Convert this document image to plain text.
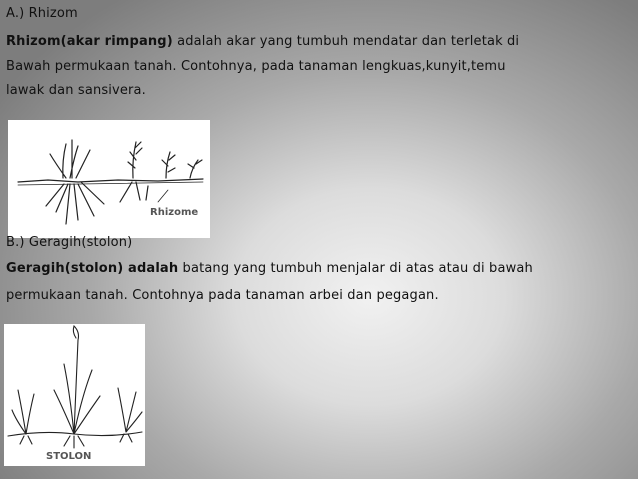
A.) Rhizom
Rhizom(akar rimpang) adalah akar yang tumbuh mendatar dan terletak di
Bawah permukaan tanah. Contohnya, pada tanaman lengkuas,kunyit,temu
lawak dan sansivera.
Rhizome
B.) Geragih(stolon)
Geragih(stolon) adalah batang yang tumbuh menjalar di atas atau di bawah
permukaan tanah. Contohnya pada tanaman arbei dan pegagan.
STOLON
